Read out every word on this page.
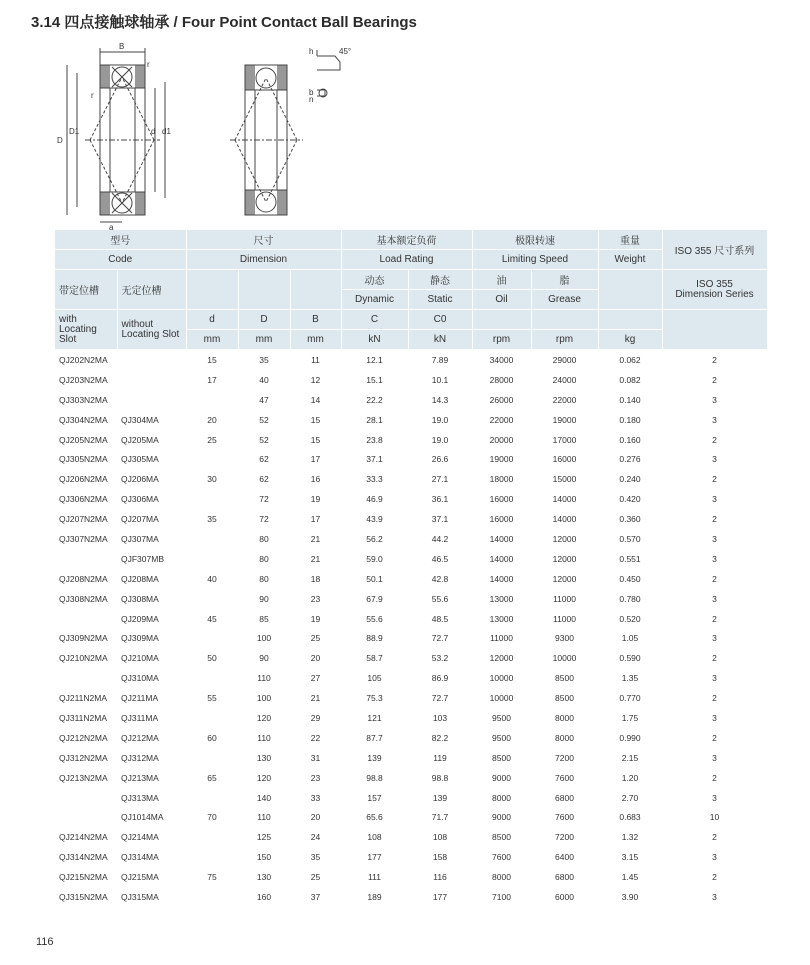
3.14 四点接触球轴承 / Four Point Contact Ball Bearings
B
r
r
D
D1	d d1
a
h	45°
b
n
型号		尺寸			基本额定负荷		极限转速		重量	ISO 355 尺寸系列
Code		Dimension			Load Rating		Limiting Speed		Weight	
带定位槽	无定位槽				动态	静态	油	脂		ISO 355
Dimension Series
					Dynamic	Static	Oil	Grease		
with Locating Slot	without Locating Slot	d	D	B	C	C0				
		mm	mm	mm	kN	kN	rpm	rpm	kg	
QJ202N2MA		15	35	11	12.1	7.89	34000	29000	0.062	2
QJ203N2MA		17	40	12	15.1	10.1	28000	24000	0.082	2
QJ303N2MA			47	14	22.2	14.3	26000	22000	0.140	3
QJ304N2MA	QJ304MA	20	52	15	28.1	19.0	22000	19000	0.180	3
QJ205N2MA	QJ205MA	25	52	15	23.8	19.0	20000	17000	0.160	2
QJ305N2MA	QJ305MA		62	17	37.1	26.6	19000	16000	0.276	3
QJ206N2MA	QJ206MA	30	62	16	33.3	27.1	18000	15000	0.240	2
QJ306N2MA	QJ306MA		72	19	46.9	36.1	16000	14000	0.420	3
QJ207N2MA	QJ207MA	35	72	17	43.9	37.1	16000	14000	0.360	2
QJ307N2MA	QJ307MA		80	21	56.2	44.2	14000	12000	0.570	3
	QJF307MB		80	21	59.0	46.5	14000	12000	0.551	3
QJ208N2MA	QJ208MA	40	80	18	50.1	42.8	14000	12000	0.450	2
QJ308N2MA	QJ308MA		90	23	67.9	55.6	13000	11000	0.780	3
	QJ209MA	45	85	19	55.6	48.5	13000	11000	0.520	2
QJ309N2MA	QJ309MA		100	25	88.9	72.7	11000	9300	1.05	3
QJ210N2MA	QJ210MA	50	90	20	58.7	53.2	12000	10000	0.590	2
	QJ310MA		110	27	105	86.9	10000	8500	1.35	3
QJ211N2MA	QJ211MA	55	100	21	75.3	72.7	10000	8500	0.770	2
QJ311N2MA	QJ311MA		120	29	121	103	9500	8000	1.75	3
QJ212N2MA	QJ212MA	60	110	22	87.7	82.2	9500	8000	0.990	2
QJ312N2MA	QJ312MA		130	31	139	119	8500	7200	2.15	3
QJ213N2MA	QJ213MA	65	120	23	98.8	98.8	9000	7600	1.20	2
	QJ313MA		140	33	157	139	8000	6800	2.70	3
	QJ1014MA	70	110	20	65.6	71.7	9000	7600	0.683	10
QJ214N2MA	QJ214MA		125	24	108	108	8500	7200	1.32	2
QJ314N2MA	QJ314MA		150	35	177	158	7600	6400	3.15	3
QJ215N2MA	QJ215MA	75	130	25	111	116	8000	6800	1.45	2
QJ315N2MA	QJ315MA		160	37	189	177	7100	6000	3.90	3
116
